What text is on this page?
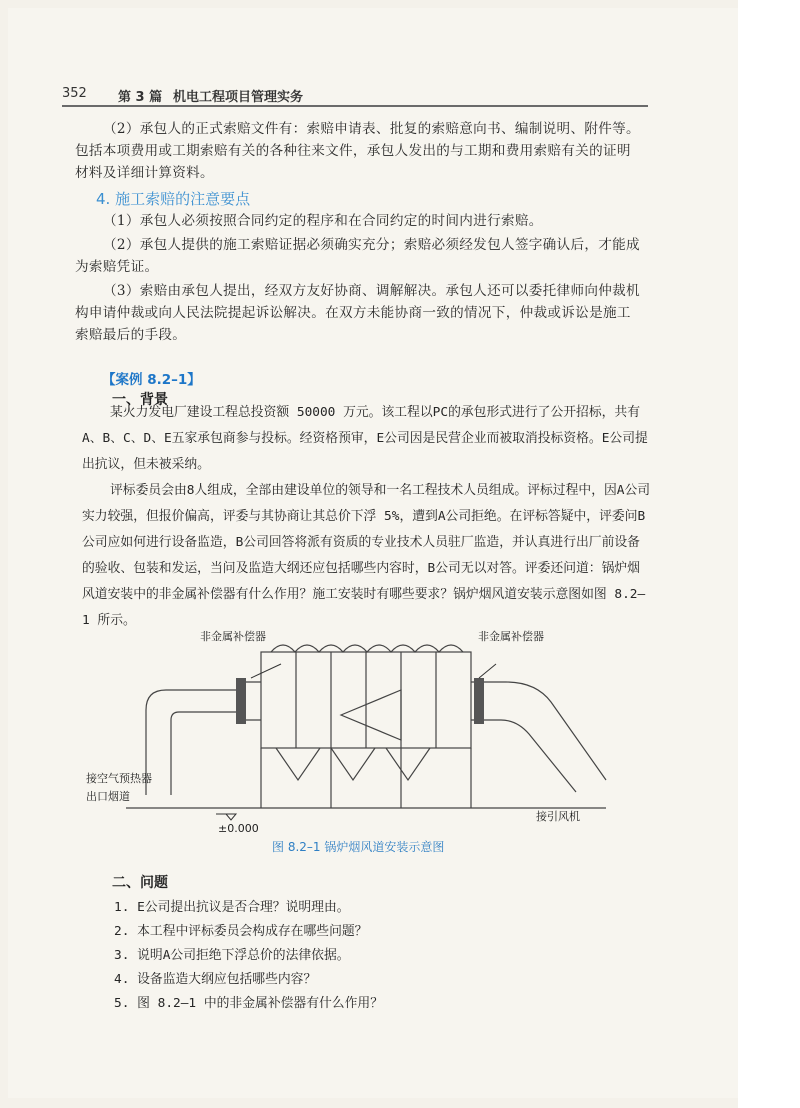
352 第 3 篇 机电工程项目管理实务
（2）承包人的正式索赔文件有：索赔申请表、批复的索赔意向书、编制说明、附件等。包括本项费用或工期索赔有关的各种往来文件，承包人发出的与工期和费用索赔有关的证明材料及详细计算资料。
4. 施工索赔的注意要点
（1）承包人必须按照合同约定的程序和在合同约定的时间内进行索赔。
（2）承包人提供的施工索赔证据必须确实充分；索赔必须经发包人签字确认后，才能成为索赔凭证。
（3）索赔由承包人提出，经双方友好协商、调解解决。承包人还可以委托律师向仲裁机构申请仲裁或向人民法院提起诉讼解决。在双方未能协商一致的情况下，仲裁或诉讼是施工索赔最后的手段。
【案例 8.2–1】
一、背景
某火力发电厂建设工程总投资额 50000 万元。该工程以PC的承包形式进行了公开招标，共有A、B、C、D、E五家承包商参与投标。经资格预审，E公司因是民营企业而被取消投标资格。E公司提出抗议，但未被采纳。
评标委员会由8人组成，全部由建设单位的领导和一名工程技术人员组成。评标过程中，因A公司实力较强，但报价偏高，评委与其协商让其总价下浮 5%，遭到A公司拒绝。在评标答疑中，评委问B公司应如何进行设备监造，B公司回答将派有资质的专业技术人员驻厂监造，并认真进行出厂前设备的验收、包装和发运，当问及监造大纲还应包括哪些内容时，B公司无以对答。评委还问道：锅炉烟风道安装中的非金属补偿器有什么作用？施工安装时有哪些要求？锅炉烟风道安装示意图如图 8.2–1 所示。
非金属补偿器	非金属补偿器
接空气预热器
出口烟道
±0.000
接引风机
图 8.2–1 锅炉烟风道安装示意图
二、问题
1. E公司提出抗议是否合理？说明理由。
2. 本工程中评标委员会构成存在哪些问题？
3. 说明A公司拒绝下浮总价的法律依据。
4. 设备监造大纲应包括哪些内容？
5. 图 8.2–1 中的非金属补偿器有什么作用？
